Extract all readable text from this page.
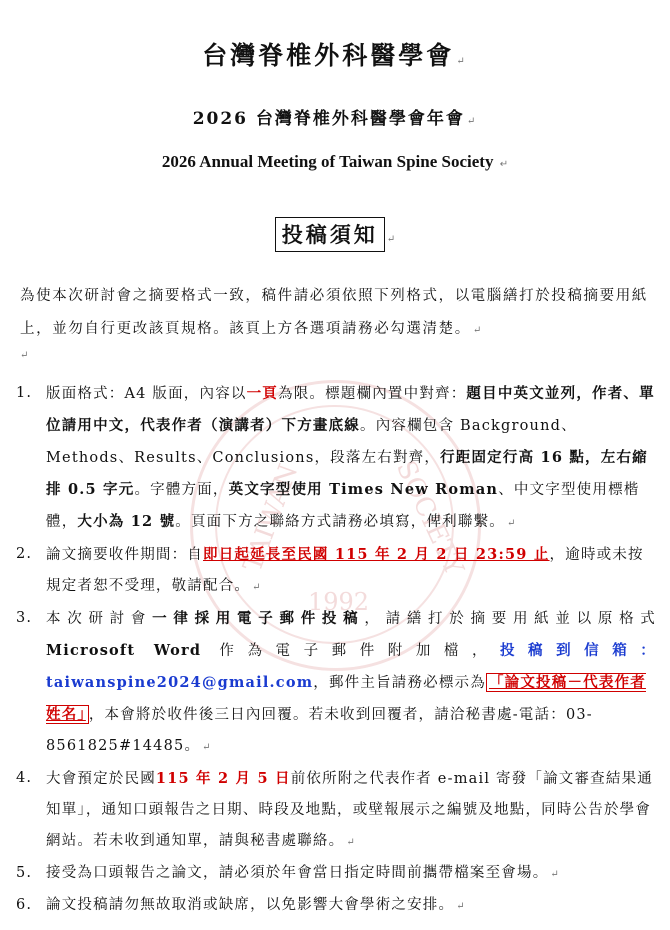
TAIWAN	SOCIETY
1992
台灣脊椎外科醫學會 ↵
2026 台灣脊椎外科醫學會年會 ↵
2026 Annual Meeting of Taiwan Spine Society ↵
投稿須知 ↵
為使本次研討會之摘要格式一致，稿件請必須依照下列格式，以電腦繕打於投稿摘要用紙上，並勿自行更改該頁規格。該頁上方各選項請務必勾選清楚。 ↵
↵
1. 版面格式：A4 版面，內容以一頁為限。標題欄內置中對齊：題目中英文並列，作者、單位請用中文，代表作者（演講者）下方畫底線。內容欄包含 Background、Methods、Results、Conclusions，段落左右對齊，行距固定行高 16 點，左右縮排 0.5 字元。字體方面，英文字型使用 Times New Roman、中文字型使用標楷體，大小為 12 號。頁面下方之聯絡方式請務必填寫，俾利聯繫。 ↵
2. 論文摘要收件期間：自即日起延長至民國 115 年 2 月 2 日 23:59 止，逾時或未按規定者恕不受理，敬請配合。 ↵
3. 本次研討會一律採用電子郵件投稿，請繕打於摘要用紙並以原格式
Microsoft Word 作為電子郵件附加檔，投稿到信箱：
taiwanspine2024@gmail.com，郵件主旨請務必標示為 「論文投稿－代表作者姓名」 ，本會將於收件後三日內回覆。若未收到回覆者，請洽秘書處-電話：03-8561825#14485。 ↵
4. 大會預定於民國115 年 2 月 5 日前依所附之代表作者 e-mail 寄發「論文審查結果通知單」，通知口頭報告之日期、時段及地點，或壁報展示之編號及地點，同時公告於學會網站。若未收到通知單，請與秘書處聯絡。 ↵
5. 接受為口頭報告之論文，請必須於年會當日指定時間前攜帶檔案至會場。 ↵
6. 論文投稿請勿無故取消或缺席，以免影響大會學術之安排。 ↵
